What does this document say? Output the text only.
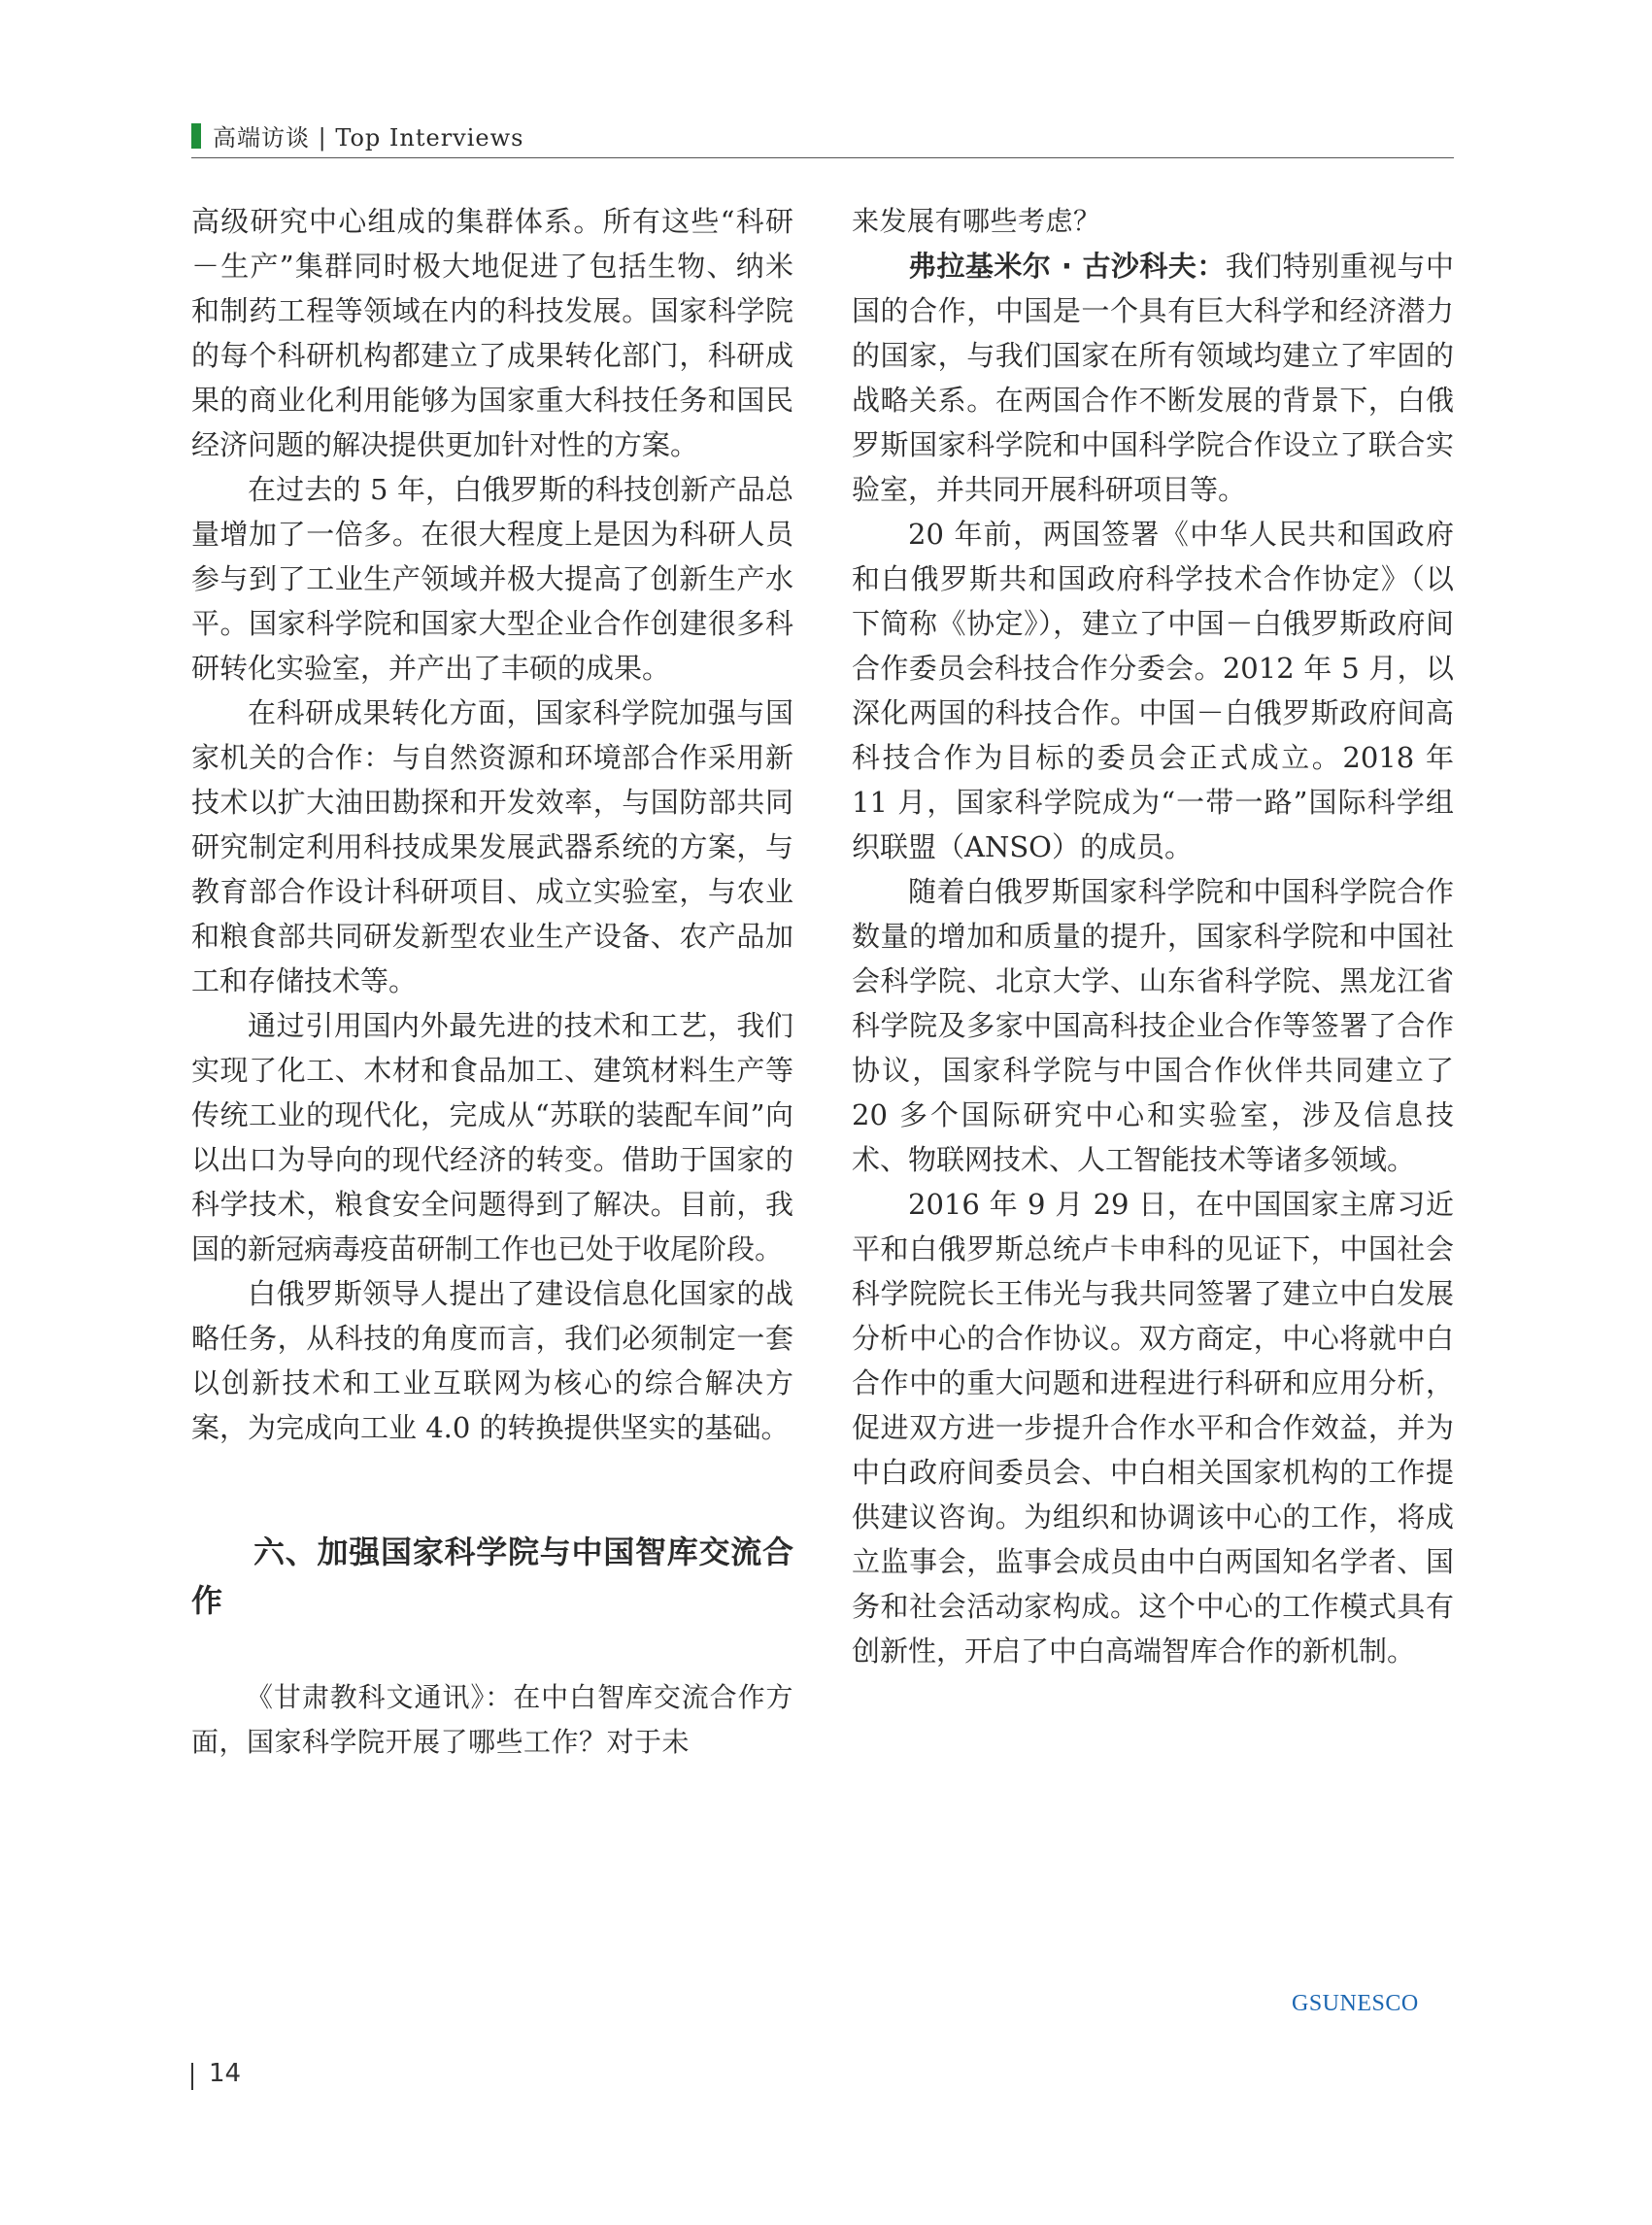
高端访谈 | Top Interviews

高级研究中心组成的集群体系。所有这些“科研－生产”集群同时极大地促进了包括生物、纳米和制药工程等领域在内的科技发展。国家科学院的每个科研机构都建立了成果转化部门，科研成果的商业化利用能够为国家重大科技任务和国民经济问题的解决提供更加针对性的方案。

在过去的 5 年，白俄罗斯的科技创新产品总量增加了一倍多。在很大程度上是因为科研人员参与到了工业生产领域并极大提高了创新生产水平。国家科学院和国家大型企业合作创建很多科研转化实验室，并产出了丰硕的成果。

在科研成果转化方面，国家科学院加强与国家机关的合作：与自然资源和环境部合作采用新技术以扩大油田勘探和开发效率，与国防部共同研究制定利用科技成果发展武器系统的方案，与教育部合作设计科研项目、成立实验室，与农业和粮食部共同研发新型农业生产设备、农产品加工和存储技术等。

通过引用国内外最先进的技术和工艺，我们实现了化工、木材和食品加工、建筑材料生产等传统工业的现代化，完成从“苏联的装配车间”向以出口为导向的现代经济的转变。借助于国家的科学技术，粮食安全问题得到了解决。目前，我国的新冠病毒疫苗研制工作也已处于收尾阶段。

白俄罗斯领导人提出了建设信息化国家的战略任务，从科技的角度而言，我们必须制定一套以创新技术和工业互联网为核心的综合解决方案，为完成向工业 4.0 的转换提供坚实的基础。

六、加强国家科学院与中国智库交流合作

《甘肃教科文通讯》：在中白智库交流合作方面，国家科学院开展了哪些工作？对于未

来发展有哪些考虑？

弗拉基米尔 · 古沙科夫：我们特别重视与中国的合作，中国是一个具有巨大科学和经济潜力的国家，与我们国家在所有领域均建立了牢固的战略关系。在两国合作不断发展的背景下，白俄罗斯国家科学院和中国科学院合作设立了联合实验室，并共同开展科研项目等。

20 年前，两国签署《中华人民共和国政府和白俄罗斯共和国政府科学技术合作协定》（以下简称《协定》），建立了中国－白俄罗斯政府间合作委员会科技合作分委会。2012 年 5 月，以深化两国的科技合作。中国－白俄罗斯政府间高科技合作为目标的委员会正式成立。2018 年 11 月，国家科学院成为“一带一路”国际科学组织联盟（ANSO）的成员。

随着白俄罗斯国家科学院和中国科学院合作数量的增加和质量的提升，国家科学院和中国社会科学院、北京大学、山东省科学院、黑龙江省科学院及多家中国高科技企业合作等签署了合作协议，国家科学院与中国合作伙伴共同建立了 20 多个国际研究中心和实验室，涉及信息技术、物联网技术、人工智能技术等诸多领域。

2016 年 9 月 29 日，在中国国家主席习近平和白俄罗斯总统卢卡申科的见证下，中国社会科学院院长王伟光与我共同签署了建立中白发展分析中心的合作协议。双方商定，中心将就中白合作中的重大问题和进程进行科研和应用分析，促进双方进一步提升合作水平和合作效益，并为中白政府间委员会、中白相关国家机构的工作提供建议咨询。为组织和协调该中心的工作，将成立监事会，监事会成员由中白两国知名学者、国务和社会活动家构成。这个中心的工作模式具有创新性，开启了中白高端智库合作的新机制。

GSUNESCO
14
